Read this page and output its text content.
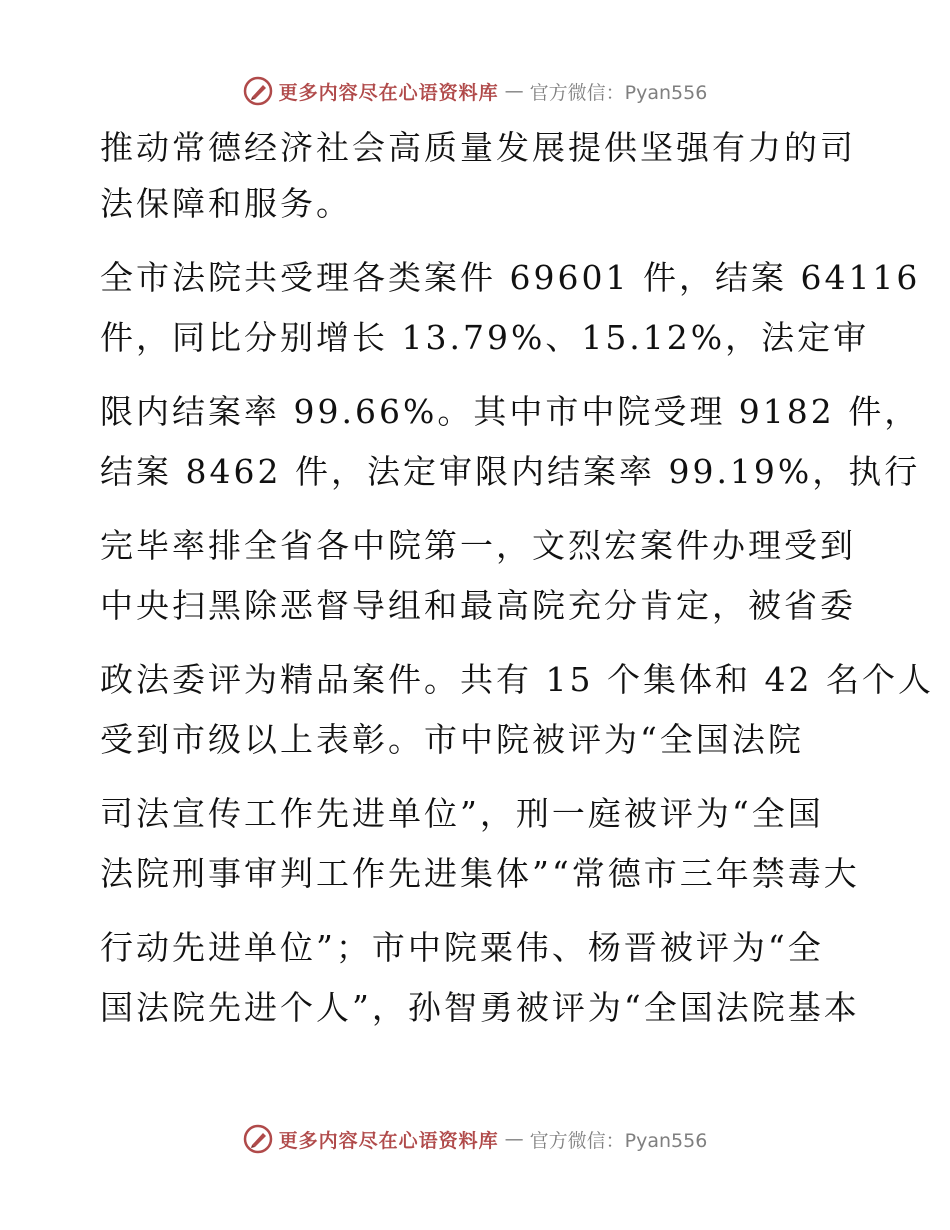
更多内容尽在心语资料库 — 官方微信：Pyan556
推动常德经济社会高质量发展提供坚强有力的司
法保障和服务。
全市法院共受理各类案件 69601 件，结案 64116
件，同比分别增长 13.79%、15.12%，法定审
限内结案率 99.66%。其中市中院受理 9182 件，
结案 8462 件，法定审限内结案率 99.19%，执行
完毕率排全省各中院第一，文烈宏案件办理受到
中央扫黑除恶督导组和最高院充分肯定，被省委
政法委评为精品案件。共有 15 个集体和 42 名个人
受到市级以上表彰。市中院被评为“全国法院
司法宣传工作先进单位”，刑一庭被评为“全国
法院刑事审判工作先进集体”“常德市三年禁毒大
行动先进单位”；市中院粟伟、杨晋被评为“全
国法院先进个人”，孙智勇被评为“全国法院基本
更多内容尽在心语资料库 — 官方微信：Pyan556
